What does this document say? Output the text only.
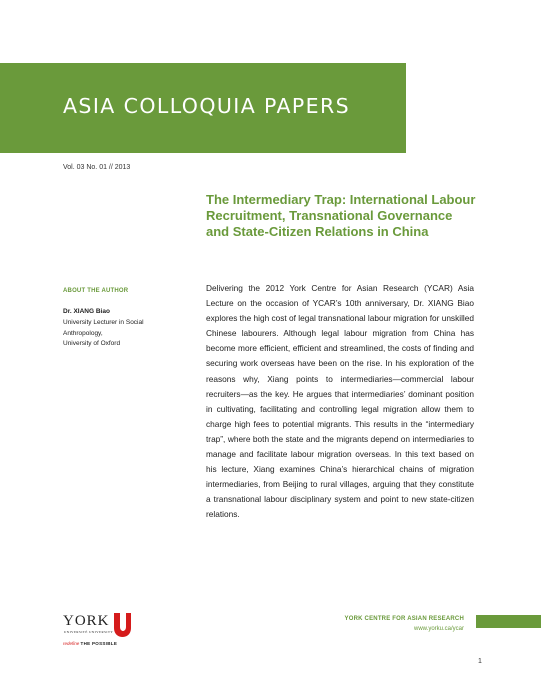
ASIA COLLOQUIA PAPERS
Vol. 03 No. 01 // 2013
The Intermediary Trap: International Labour Recruitment, Transnational Governance and State-Citizen Relations in China
ABOUT THE AUTHOR
Dr. XIANG Biao
University Lecturer in Social
Anthropology,
University of Oxford

Delivering the 2012 York Centre for Asian Research (YCAR) Asia Lecture on the occasion of YCAR’s 10th anniversary, Dr. XIANG Biao explores the high cost of legal transnational labour migration for unskilled Chinese labourers. Although legal labour migration from China has become more efficient, efficient and streamlined, the costs of finding and securing work overseas have been on the rise. In his exploration of the reasons why, Xiang points to intermediaries—commercial labour recruiters—as the key. He argues that intermediaries’ dominant position in cultivating, facilitating and controlling legal migration allow them to charge high fees to potential migrants. This results in the “intermediary trap”, where both the state and the migrants depend on intermediaries to manage and facilitate labour migration overseas. In this text based on his lecture, Xiang examines China’s hierarchical chains of migration intermediaries, from Beijing to rural villages, arguing that they constitute a transnational labour disciplinary system and point to new state-citizen relations.

YORK
UNIVERSITÉ UNIVERSITY
redefine THE POSSIBLE
YORK CENTRE FOR ASIAN RESEARCH
www.yorku.ca/ycar
1
